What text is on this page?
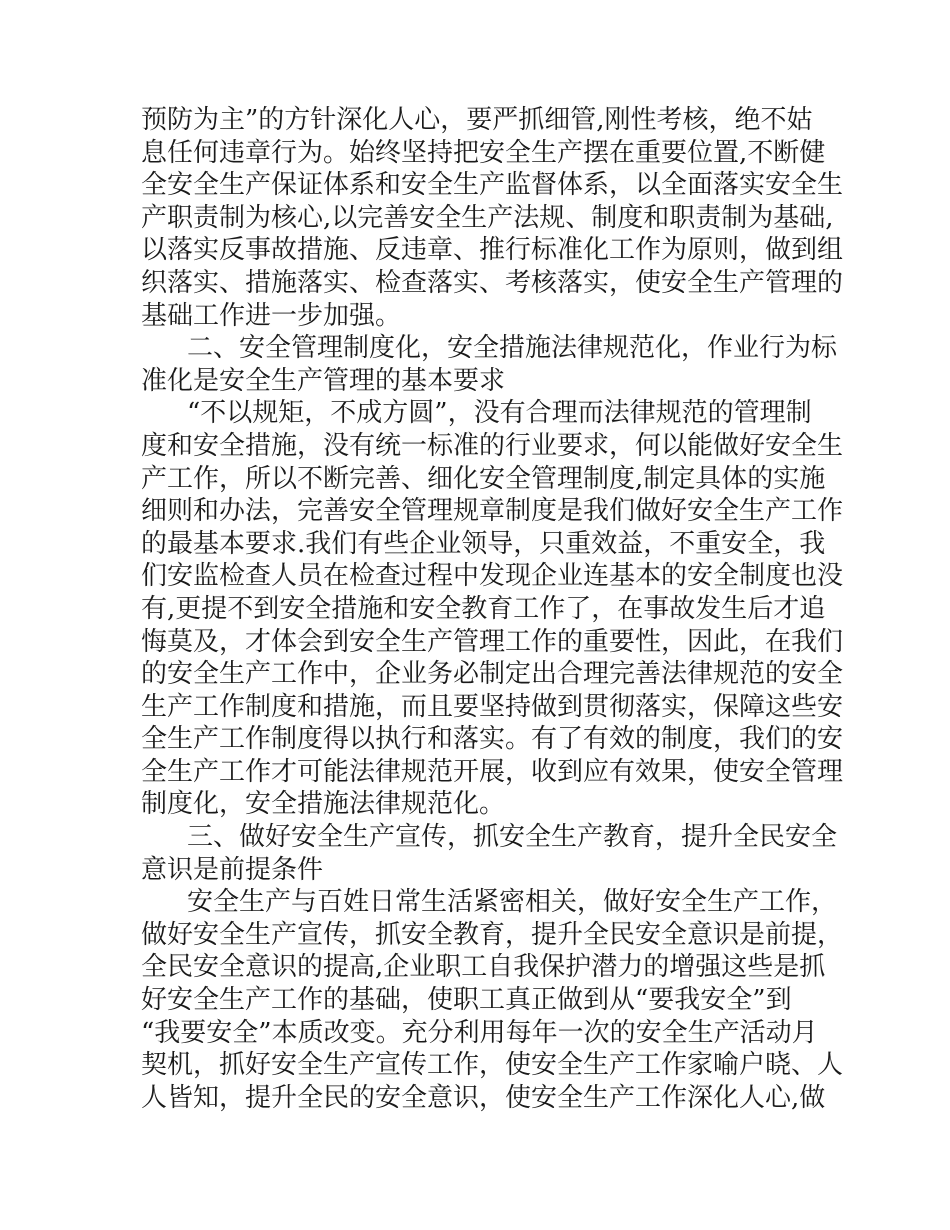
预防为主”的方针深化人心，要严抓细管,刚性考核，绝不姑
息任何违章行为。始终坚持把安全生产摆在重要位置,不断健
全安全生产保证体系和安全生产监督体系，以全面落实安全生
产职责制为核心,以完善安全生产法规、制度和职责制为基础,
以落实反事故措施、反违章、推行标准化工作为原则，做到组
织落实、措施落实、检查落实、考核落实，使安全生产管理的
基础工作进一步加强。
二、安全管理制度化，安全措施法律规范化，作业行为标
准化是安全生产管理的基本要求
“不以规矩，不成方圆”，没有合理而法律规范的管理制
度和安全措施，没有统一标准的行业要求，何以能做好安全生
产工作，所以不断完善、细化安全管理制度,制定具体的实施
细则和办法，完善安全管理规章制度是我们做好安全生产工作
的最基本要求.我们有些企业领导，只重效益，不重安全，我
们安监检查人员在检查过程中发现企业连基本的安全制度也没
有,更提不到安全措施和安全教育工作了，在事故发生后才追
悔莫及，才体会到安全生产管理工作的重要性，因此，在我们
的安全生产工作中，企业务必制定出合理完善法律规范的安全
生产工作制度和措施，而且要坚持做到贯彻落实，保障这些安
全生产工作制度得以执行和落实。有了有效的制度，我们的安
全生产工作才可能法律规范开展，收到应有效果，使安全管理
制度化，安全措施法律规范化。
三、做好安全生产宣传，抓安全生产教育，提升全民安全
意识是前提条件
安全生产与百姓日常生活紧密相关，做好安全生产工作，
做好安全生产宣传，抓安全教育，提升全民安全意识是前提，
全民安全意识的提高,企业职工自我保护潜力的增强这些是抓
好安全生产工作的基础，使职工真正做到从“要我安全”到
“我要安全”本质改变。充分利用每年一次的安全生产活动月
契机，抓好安全生产宣传工作，使安全生产工作家喻户晓、人
人皆知，提升全民的安全意识，使安全生产工作深化人心,做
